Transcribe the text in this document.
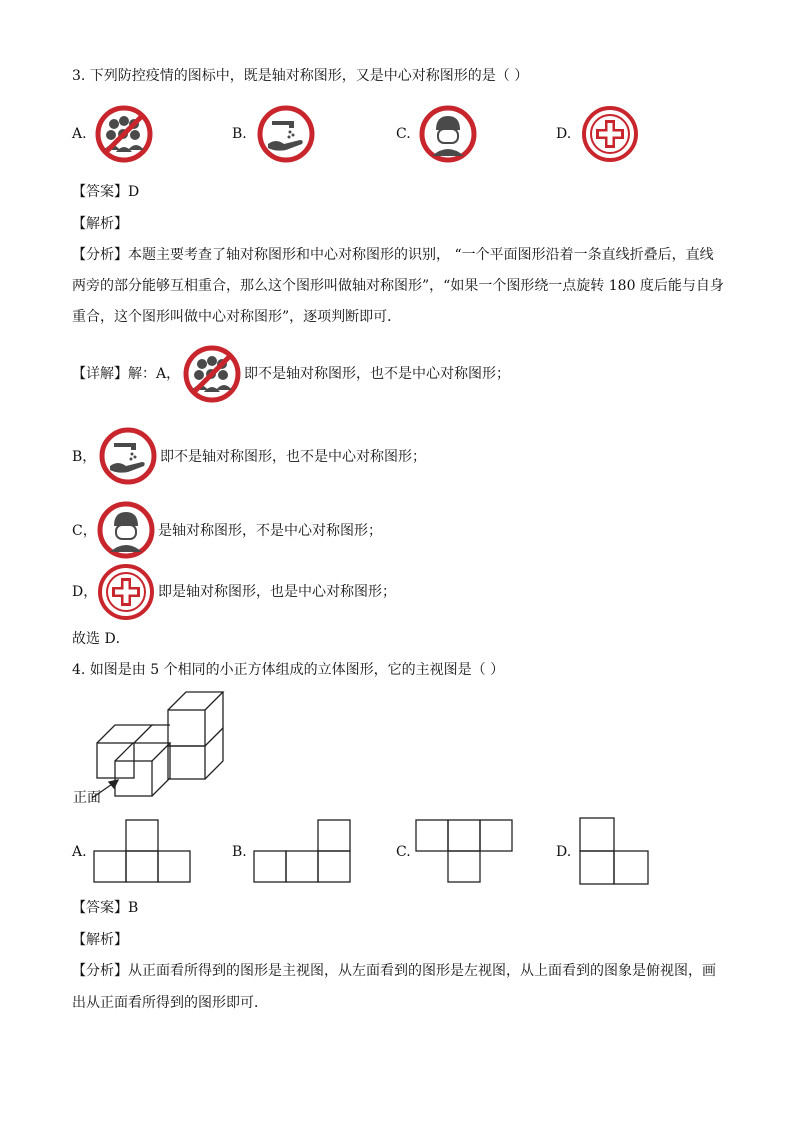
3. 下列防控疫情的图标中，既是轴对称图形，又是中心对称图形的是（ ）
A.	B.	C.	D.
【答案】D
【解析】
【分析】本题主要考查了轴对称图形和中心对称图形的识别， “一个平面图形沿着一条直线折叠后，直线
两旁的部分能够互相重合，那么这个图形叫做轴对称图形”，“如果一个图形绕一点旋转 180 度后能与自身
重合，这个图形叫做中心对称图形”，逐项判断即可．
【详解】解：A，	即不是轴对称图形，也不是中心对称图形；
B，	即不是轴对称图形，也不是中心对称图形；
C，	是轴对称图形，不是中心对称图形；
D，	即是轴对称图形，也是中心对称图形；
故选 D．
4. 如图是由 5 个相同的小正方体组成的立体图形，它的主视图是（ ）
正面
A.	B.	C.	D.
【答案】B
【解析】
【分析】从正面看所得到的图形是主视图，从左面看到的图形是左视图，从上面看到的图象是俯视图，画
出从正面看所得到的图形即可．
